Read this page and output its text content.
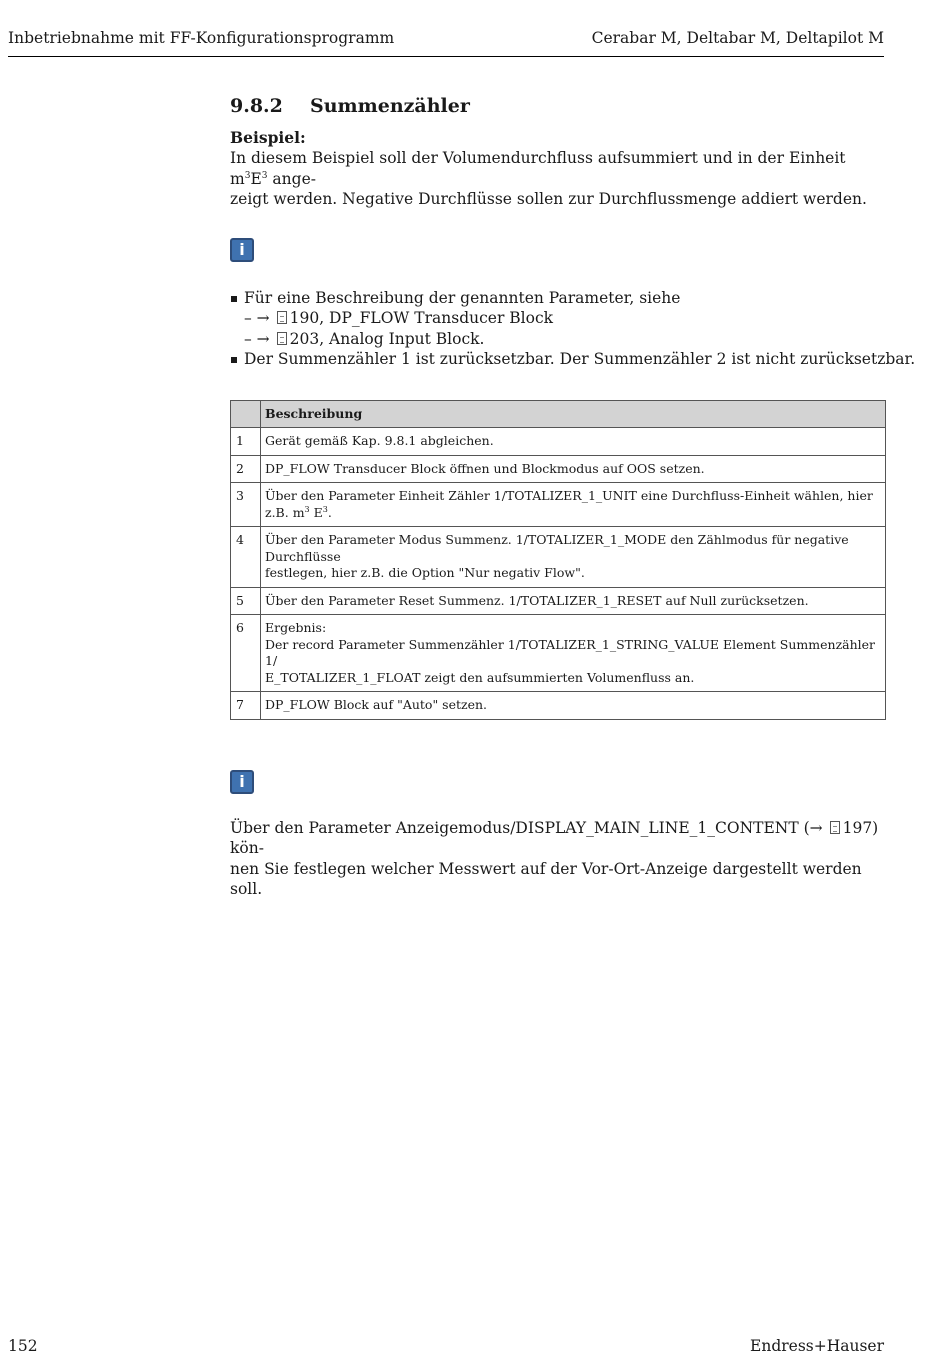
Inbetriebnahme mit FF-Konfigurationsprogramm	Cerabar M, Deltabar M, Deltapilot M
9.8.2 Summenzähler
Beispiel:
In diesem Beispiel soll der Volumendurchfluss aufsummiert und in der Einheit $m^3E^3$ ange-
zeigt werden. Negative Durchflüsse sollen zur Durchflussmenge addiert werden.
i
Für eine Beschreibung der genannten Parameter, siehe
– → 190, DP_FLOW Transducer Block
– → 203, Analog Input Block.
Der Summenzähler 1 ist zurücksetzbar. Der Summenzähler 2 ist nicht zurücksetzbar.
	Beschreibung
1	Gerät gemäß Kap. 9.8.1 abgleichen.
2	DP_FLOW Transducer Block öffnen und Blockmodus auf OOS setzen.
3	Über den Parameter Einheit Zähler 1/TOTALIZER_1_UNIT eine Durchfluss-Einheit wählen, hier z.B. $m^3$ $E^3$.
4	Über den Parameter Modus Summenz. 1/TOTALIZER_1_MODE den Zählmodus für negative Durchflüsse
festlegen, hier z.B. die Option "Nur negativ Flow".

5	Über den Parameter Reset Summenz. 1/TOTALIZER_1_RESET auf Null zurücksetzen.
6	Ergebnis:
Der record Parameter Summenzähler 1/TOTALIZER_1_STRING_VALUE Element Summenzähler 1/
E_TOTALIZER_1_FLOAT zeigt den aufsummierten Volumenfluss an.

7	DP_FLOW Block auf "Auto" setzen.
i
Über den Parameter Anzeigemodus/DISPLAY_MAIN_LINE_1_CONTENT (→ 197) kön-
nen Sie festlegen welcher Messwert auf der Vor-Ort-Anzeige dargestellt werden soll.
152	Endress+Hauser
